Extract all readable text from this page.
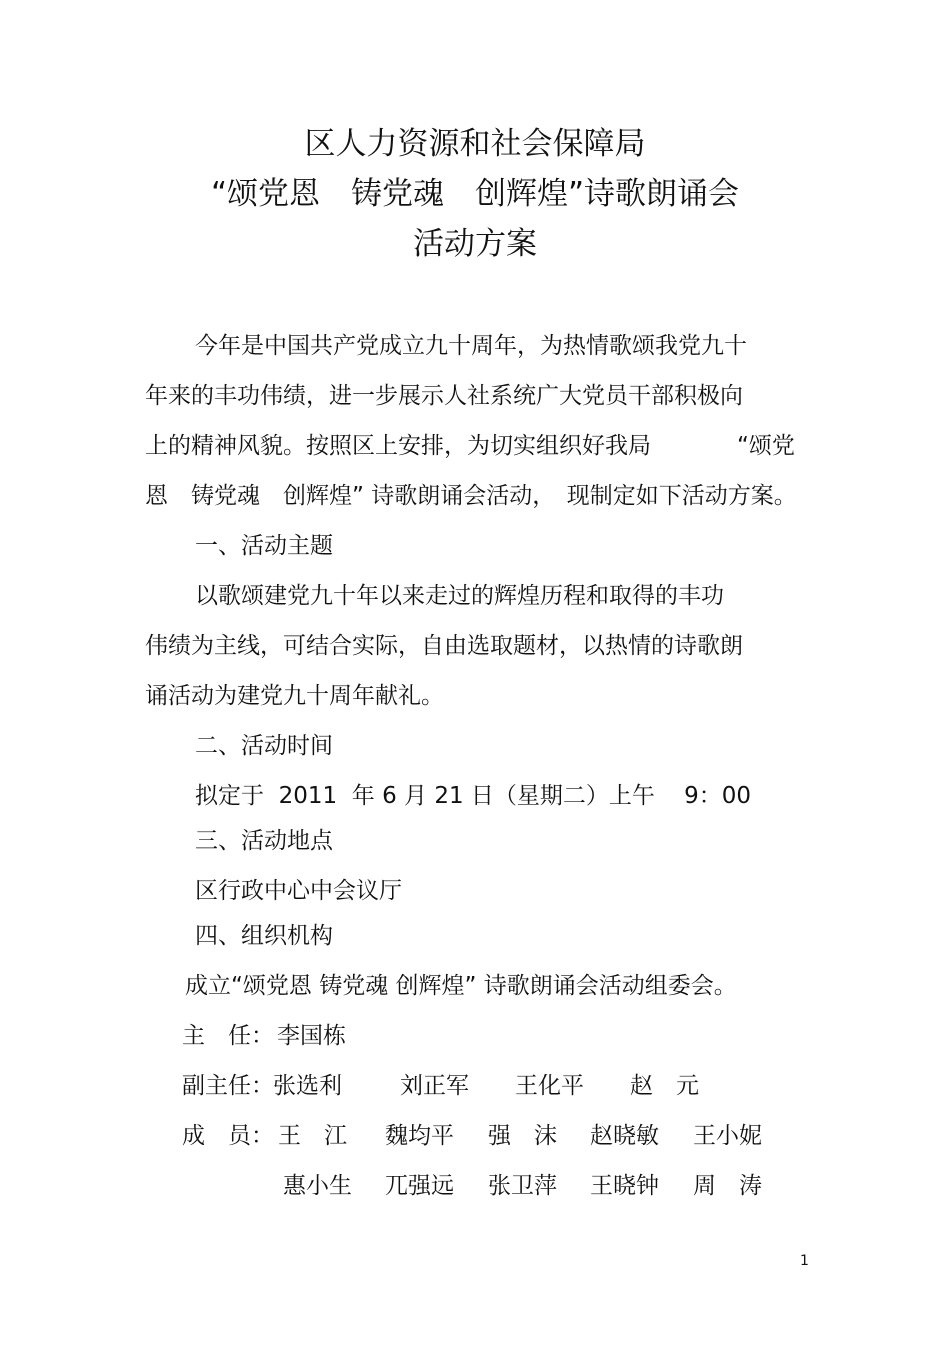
区人力资源和社会保障局
“颂党恩　铸党魂　创辉煌”诗歌朗诵会
活动方案
今年是中国共产党成立九十周年，为热情歌颂我党九十
年来的丰功伟绩，进一步展示人社系统广大党员干部积极向
上的精神风貌。按照区上安排，为切实组织好我局	“颂党
恩　铸党魂　创辉煌” 诗歌朗诵会活动，　现制定如下活动方案。
一、活动主题
以歌颂建党九十年以来走过的辉煌历程和取得的丰功
伟绩为主线，可结合实际，自由选取题材，以热情的诗歌朗
诵活动为建党九十周年献礼。
二、活动时间
拟定于  2011  年 6 月 21 日（星期二）上午    9：00
三、活动地点
区行政中心中会议厅
四、组织机构
成立“颂党恩 铸党魂 创辉煌” 诗歌朗诵会活动组委会。
主　任： 李国栋
副主任： 张选利	刘正军 王化平 赵　元
成　员： 王　江 魏均平 强　沫 赵晓敏 王小妮
惠小生 兀强远 张卫萍 王晓钟 周　涛
1
